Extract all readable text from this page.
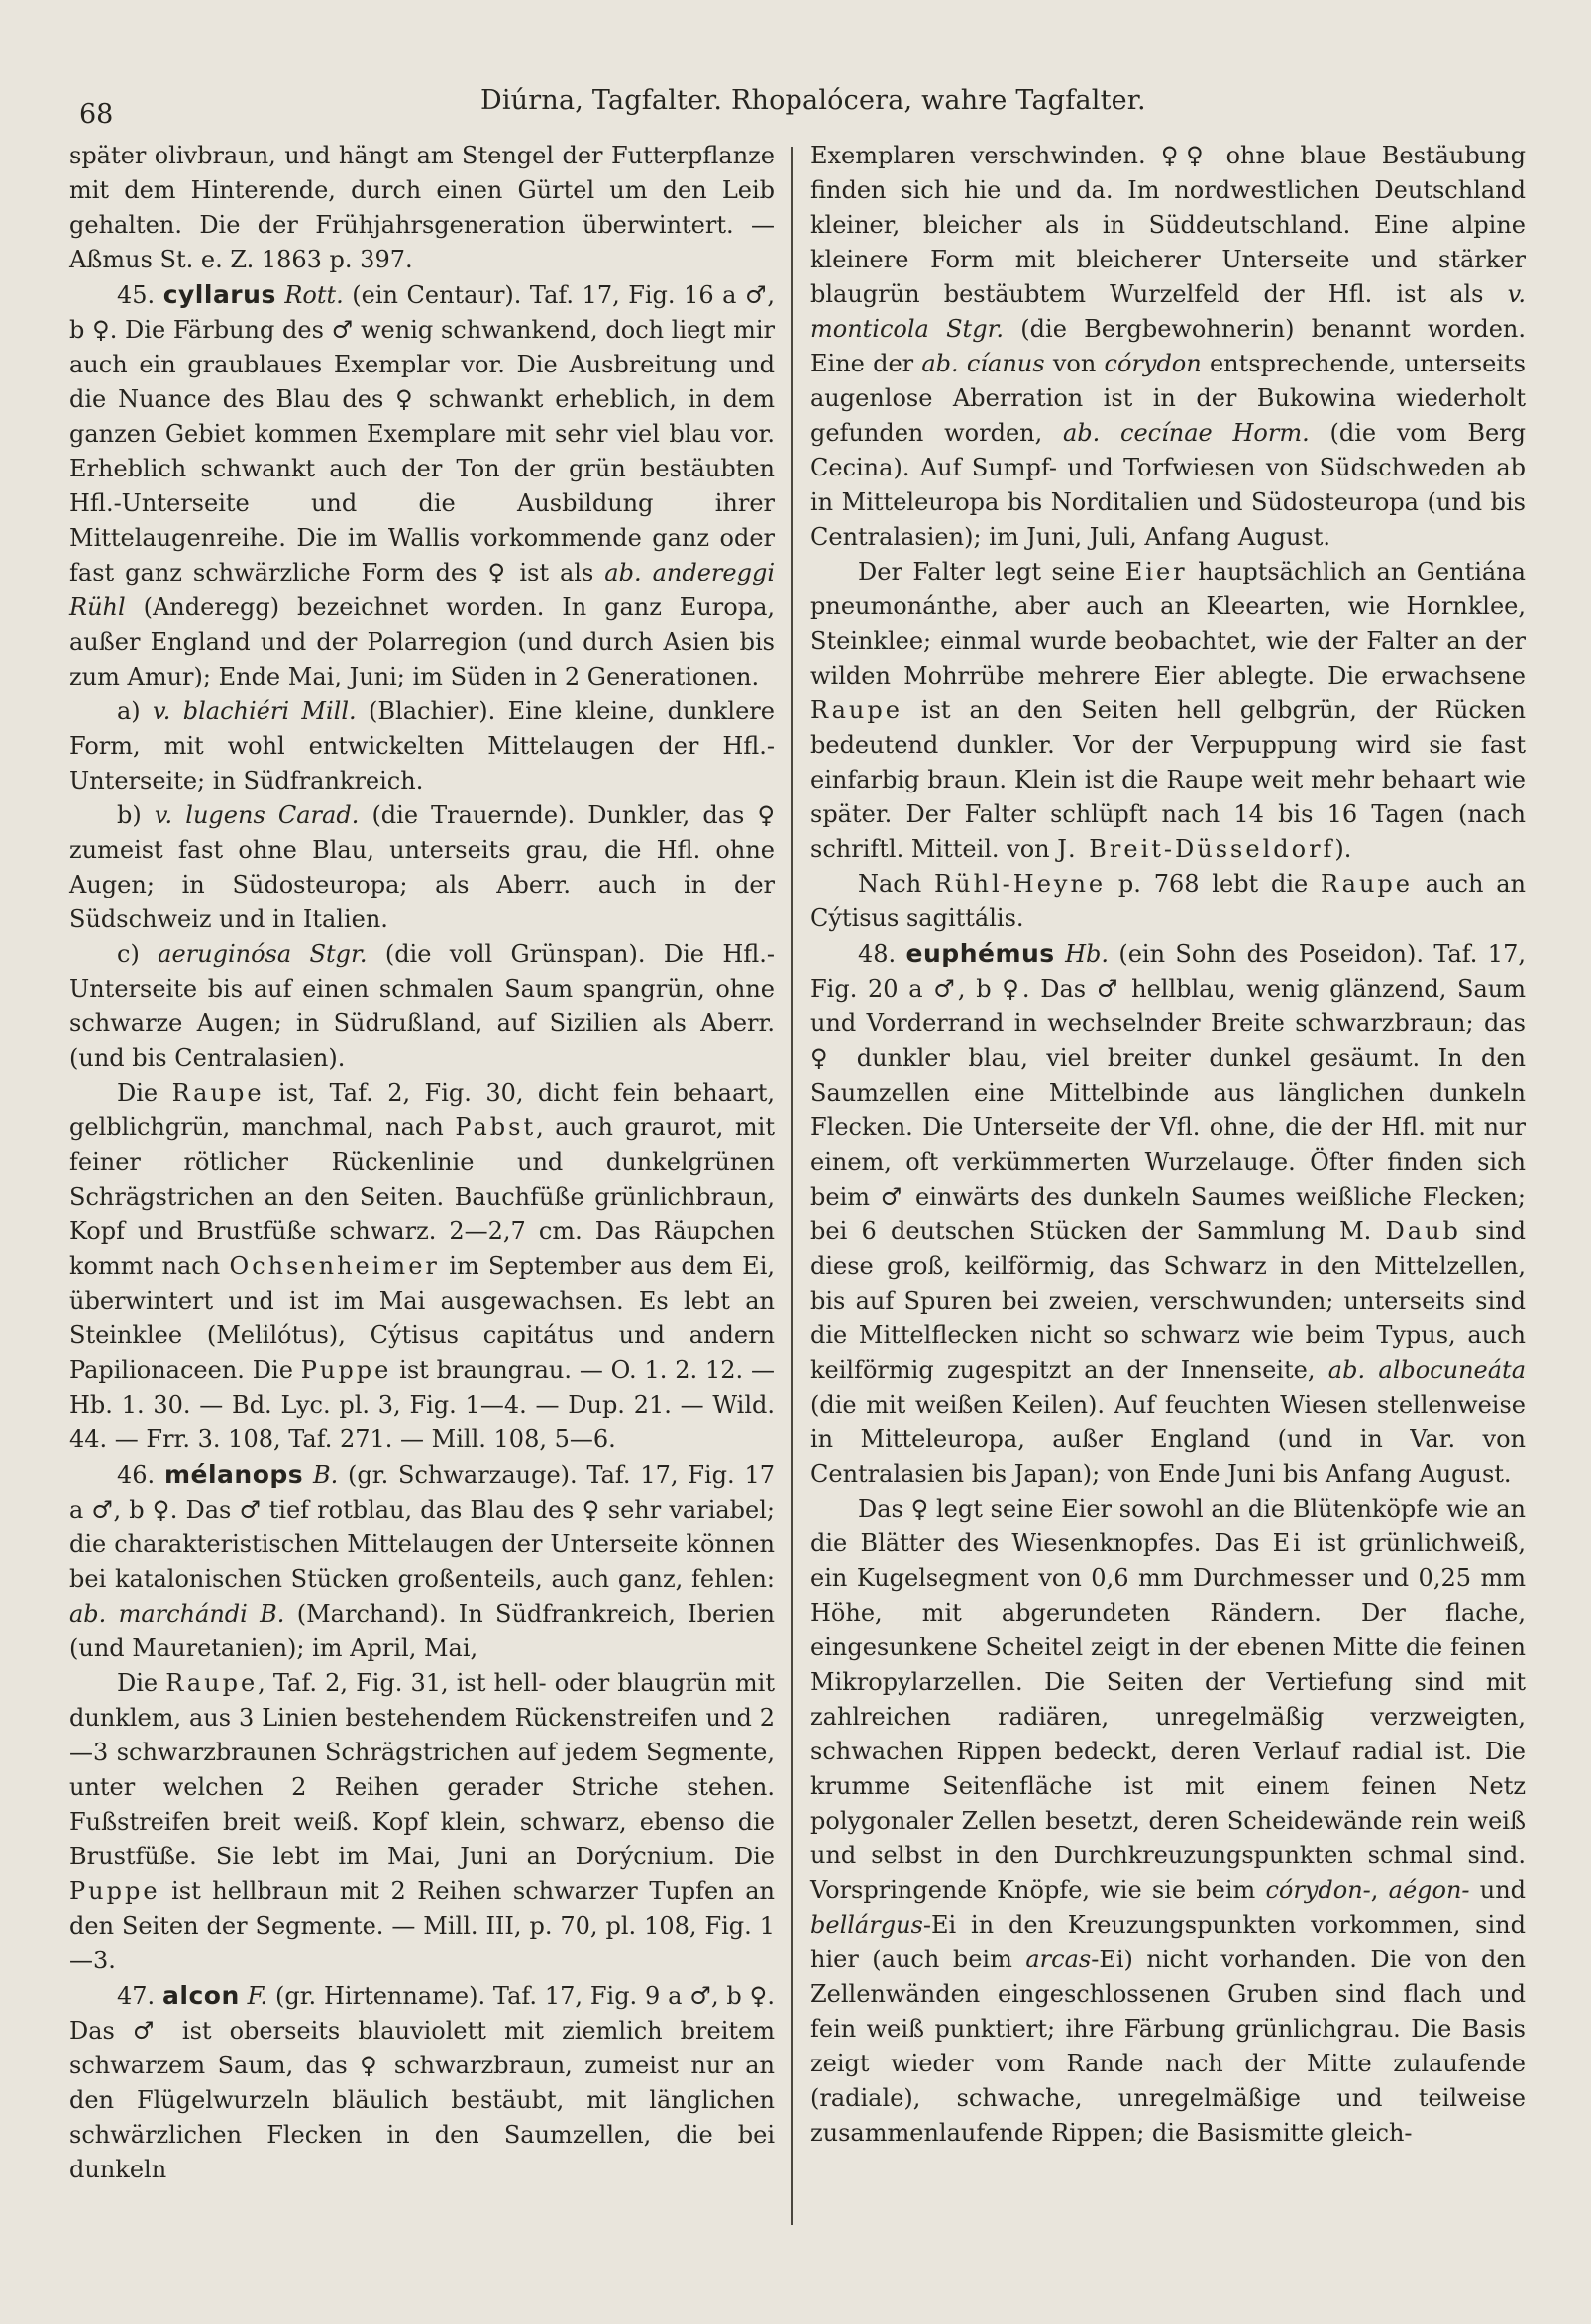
68	Diúrna, Tagfalter. Rhopalócera, wahre Tagfalter.

später olivbraun, und hängt am Stengel der Futterpflanze mit dem Hinterende, durch einen Gürtel um den Leib gehalten. Die der Frühjahrsgeneration überwintert. — Aßmus St. e. Z. 1863 p. 397.

45. cyllarus Rott. (ein Centaur). Taf. 17, Fig. 16 a ♂, b ♀. Die Färbung des ♂ wenig schwankend, doch liegt mir auch ein graublaues Exemplar vor. Die Ausbreitung und die Nuance des Blau des ♀ schwankt erheblich, in dem ganzen Gebiet kommen Exemplare mit sehr viel blau vor. Erheblich schwankt auch der Ton der grün bestäubten Hfl.-Unterseite und die Ausbildung ihrer Mittelaugenreihe. Die im Wallis vorkommende ganz oder fast ganz schwärzliche Form des ♀ ist als ab. andereggi Rühl (Anderegg) bezeichnet worden. In ganz Europa, außer England und der Polarregion (und durch Asien bis zum Amur); Ende Mai, Juni; im Süden in 2 Generationen.

a) v. blachiéri Mill. (Blachier). Eine kleine, dunklere Form, mit wohl entwickelten Mittelaugen der Hfl.-Unterseite; in Südfrankreich.

b) v. lugens Carad. (die Trauernde). Dunkler, das ♀ zumeist fast ohne Blau, unterseits grau, die Hfl. ohne Augen; in Südosteuropa; als Aberr. auch in der Südschweiz und in Italien.

c) aeruginósa Stgr. (die voll Grünspan). Die Hfl.-Unterseite bis auf einen schmalen Saum spangrün, ohne schwarze Augen; in Südrußland, auf Sizilien als Aberr. (und bis Centralasien).

Die Raupe ist, Taf. 2, Fig. 30, dicht fein behaart, gelblichgrün, manchmal, nach Pabst, auch graurot, mit feiner rötlicher Rückenlinie und dunkelgrünen Schrägstrichen an den Seiten. Bauchfüße grünlichbraun, Kopf und Brustfüße schwarz. 2—2,7 cm. Das Räupchen kommt nach Ochsenheimer im September aus dem Ei, überwintert und ist im Mai ausgewachsen. Es lebt an Steinklee (Melilótus), Cýtisus capitátus und andern Papilionaceen. Die Puppe ist braungrau. — O. 1. 2. 12. — Hb. 1. 30. — Bd. Lyc. pl. 3, Fig. 1—4. — Dup. 21. — Wild. 44. — Frr. 3. 108, Taf. 271. — Mill. 108, 5—6.

46. mélanops B. (gr. Schwarzauge). Taf. 17, Fig. 17 a ♂, b ♀. Das ♂ tief rotblau, das Blau des ♀ sehr variabel; die charakteristischen Mittelaugen der Unterseite können bei katalonischen Stücken großenteils, auch ganz, fehlen: ab. marchándi B. (Marchand). In Südfrankreich, Iberien (und Mauretanien); im April, Mai,

Die Raupe, Taf. 2, Fig. 31, ist hell- oder blaugrün mit dunklem, aus 3 Linien bestehendem Rückenstreifen und 2—3 schwarzbraunen Schrägstrichen auf jedem Segmente, unter welchen 2 Reihen gerader Striche stehen. Fußstreifen breit weiß. Kopf klein, schwarz, ebenso die Brustfüße. Sie lebt im Mai, Juni an Dorýcnium. Die Puppe ist hellbraun mit 2 Reihen schwarzer Tupfen an den Seiten der Segmente. — Mill. III, p. 70, pl. 108, Fig. 1—3.

47. alcon F. (gr. Hirtenname). Taf. 17, Fig. 9 a ♂, b ♀. Das ♂ ist oberseits blauviolett mit ziemlich breitem schwarzem Saum, das ♀ schwarzbraun, zumeist nur an den Flügelwurzeln bläulich bestäubt, mit länglichen schwärzlichen Flecken in den Saumzellen, die bei dunkeln

Exemplaren verschwinden. ♀♀ ohne blaue Bestäubung finden sich hie und da. Im nordwestlichen Deutschland kleiner, bleicher als in Süddeutschland. Eine alpine kleinere Form mit bleicherer Unterseite und stärker blaugrün bestäubtem Wurzelfeld der Hfl. ist als v. monticola Stgr. (die Bergbewohnerin) benannt worden. Eine der ab. cíanus von córydon entsprechende, unterseits augenlose Aberration ist in der Bukowina wiederholt gefunden worden, ab. cecínae Horm. (die vom Berg Cecina). Auf Sumpf- und Torfwiesen von Südschweden ab in Mitteleuropa bis Norditalien und Südosteuropa (und bis Centralasien); im Juni, Juli, Anfang August.

Der Falter legt seine Eier hauptsächlich an Gentiána pneumonánthe, aber auch an Kleearten, wie Hornklee, Steinklee; einmal wurde beobachtet, wie der Falter an der wilden Mohrrübe mehrere Eier ablegte. Die erwachsene Raupe ist an den Seiten hell gelbgrün, der Rücken bedeutend dunkler. Vor der Verpuppung wird sie fast einfarbig braun. Klein ist die Raupe weit mehr behaart wie später. Der Falter schlüpft nach 14 bis 16 Tagen (nach schriftl. Mitteil. von J. Breit-Düsseldorf).

Nach Rühl-Heyne p. 768 lebt die Raupe auch an Cýtisus sagittális.

48. euphémus Hb. (ein Sohn des Poseidon). Taf. 17, Fig. 20 a ♂, b ♀. Das ♂ hellblau, wenig glänzend, Saum und Vorderrand in wechselnder Breite schwarzbraun; das ♀ dunkler blau, viel breiter dunkel gesäumt. In den Saumzellen eine Mittelbinde aus länglichen dunkeln Flecken. Die Unterseite der Vfl. ohne, die der Hfl. mit nur einem, oft verkümmerten Wurzelauge. Öfter finden sich beim ♂ einwärts des dunkeln Saumes weißliche Flecken; bei 6 deutschen Stücken der Sammlung M. Daub sind diese groß, keilförmig, das Schwarz in den Mittelzellen, bis auf Spuren bei zweien, verschwunden; unterseits sind die Mittelflecken nicht so schwarz wie beim Typus, auch keilförmig zugespitzt an der Innenseite, ab. albocuneáta (die mit weißen Keilen). Auf feuchten Wiesen stellenweise in Mitteleuropa, außer England (und in Var. von Centralasien bis Japan); von Ende Juni bis Anfang August.

Das ♀ legt seine Eier sowohl an die Blütenköpfe wie an die Blätter des Wiesenknopfes. Das Ei ist grünlichweiß, ein Kugelsegment von 0,6 mm Durchmesser und 0,25 mm Höhe, mit abgerundeten Rändern. Der flache, eingesunkene Scheitel zeigt in der ebenen Mitte die feinen Mikropylarzellen. Die Seiten der Vertiefung sind mit zahlreichen radiären, unregelmäßig verzweigten, schwachen Rippen bedeckt, deren Verlauf radial ist. Die krumme Seitenfläche ist mit einem feinen Netz polygonaler Zellen besetzt, deren Scheidewände rein weiß und selbst in den Durchkreuzungspunkten schmal sind. Vorspringende Knöpfe, wie sie beim córydon-, aégon- und bellárgus-Ei in den Kreuzungspunkten vorkommen, sind hier (auch beim arcas-Ei) nicht vorhanden. Die von den Zellenwänden eingeschlossenen Gruben sind flach und fein weiß punktiert; ihre Färbung grünlichgrau. Die Basis zeigt wieder vom Rande nach der Mitte zulaufende (radiale), schwache, unregelmäßige und teilweise zusammenlaufende Rippen; die Basismitte gleich-
